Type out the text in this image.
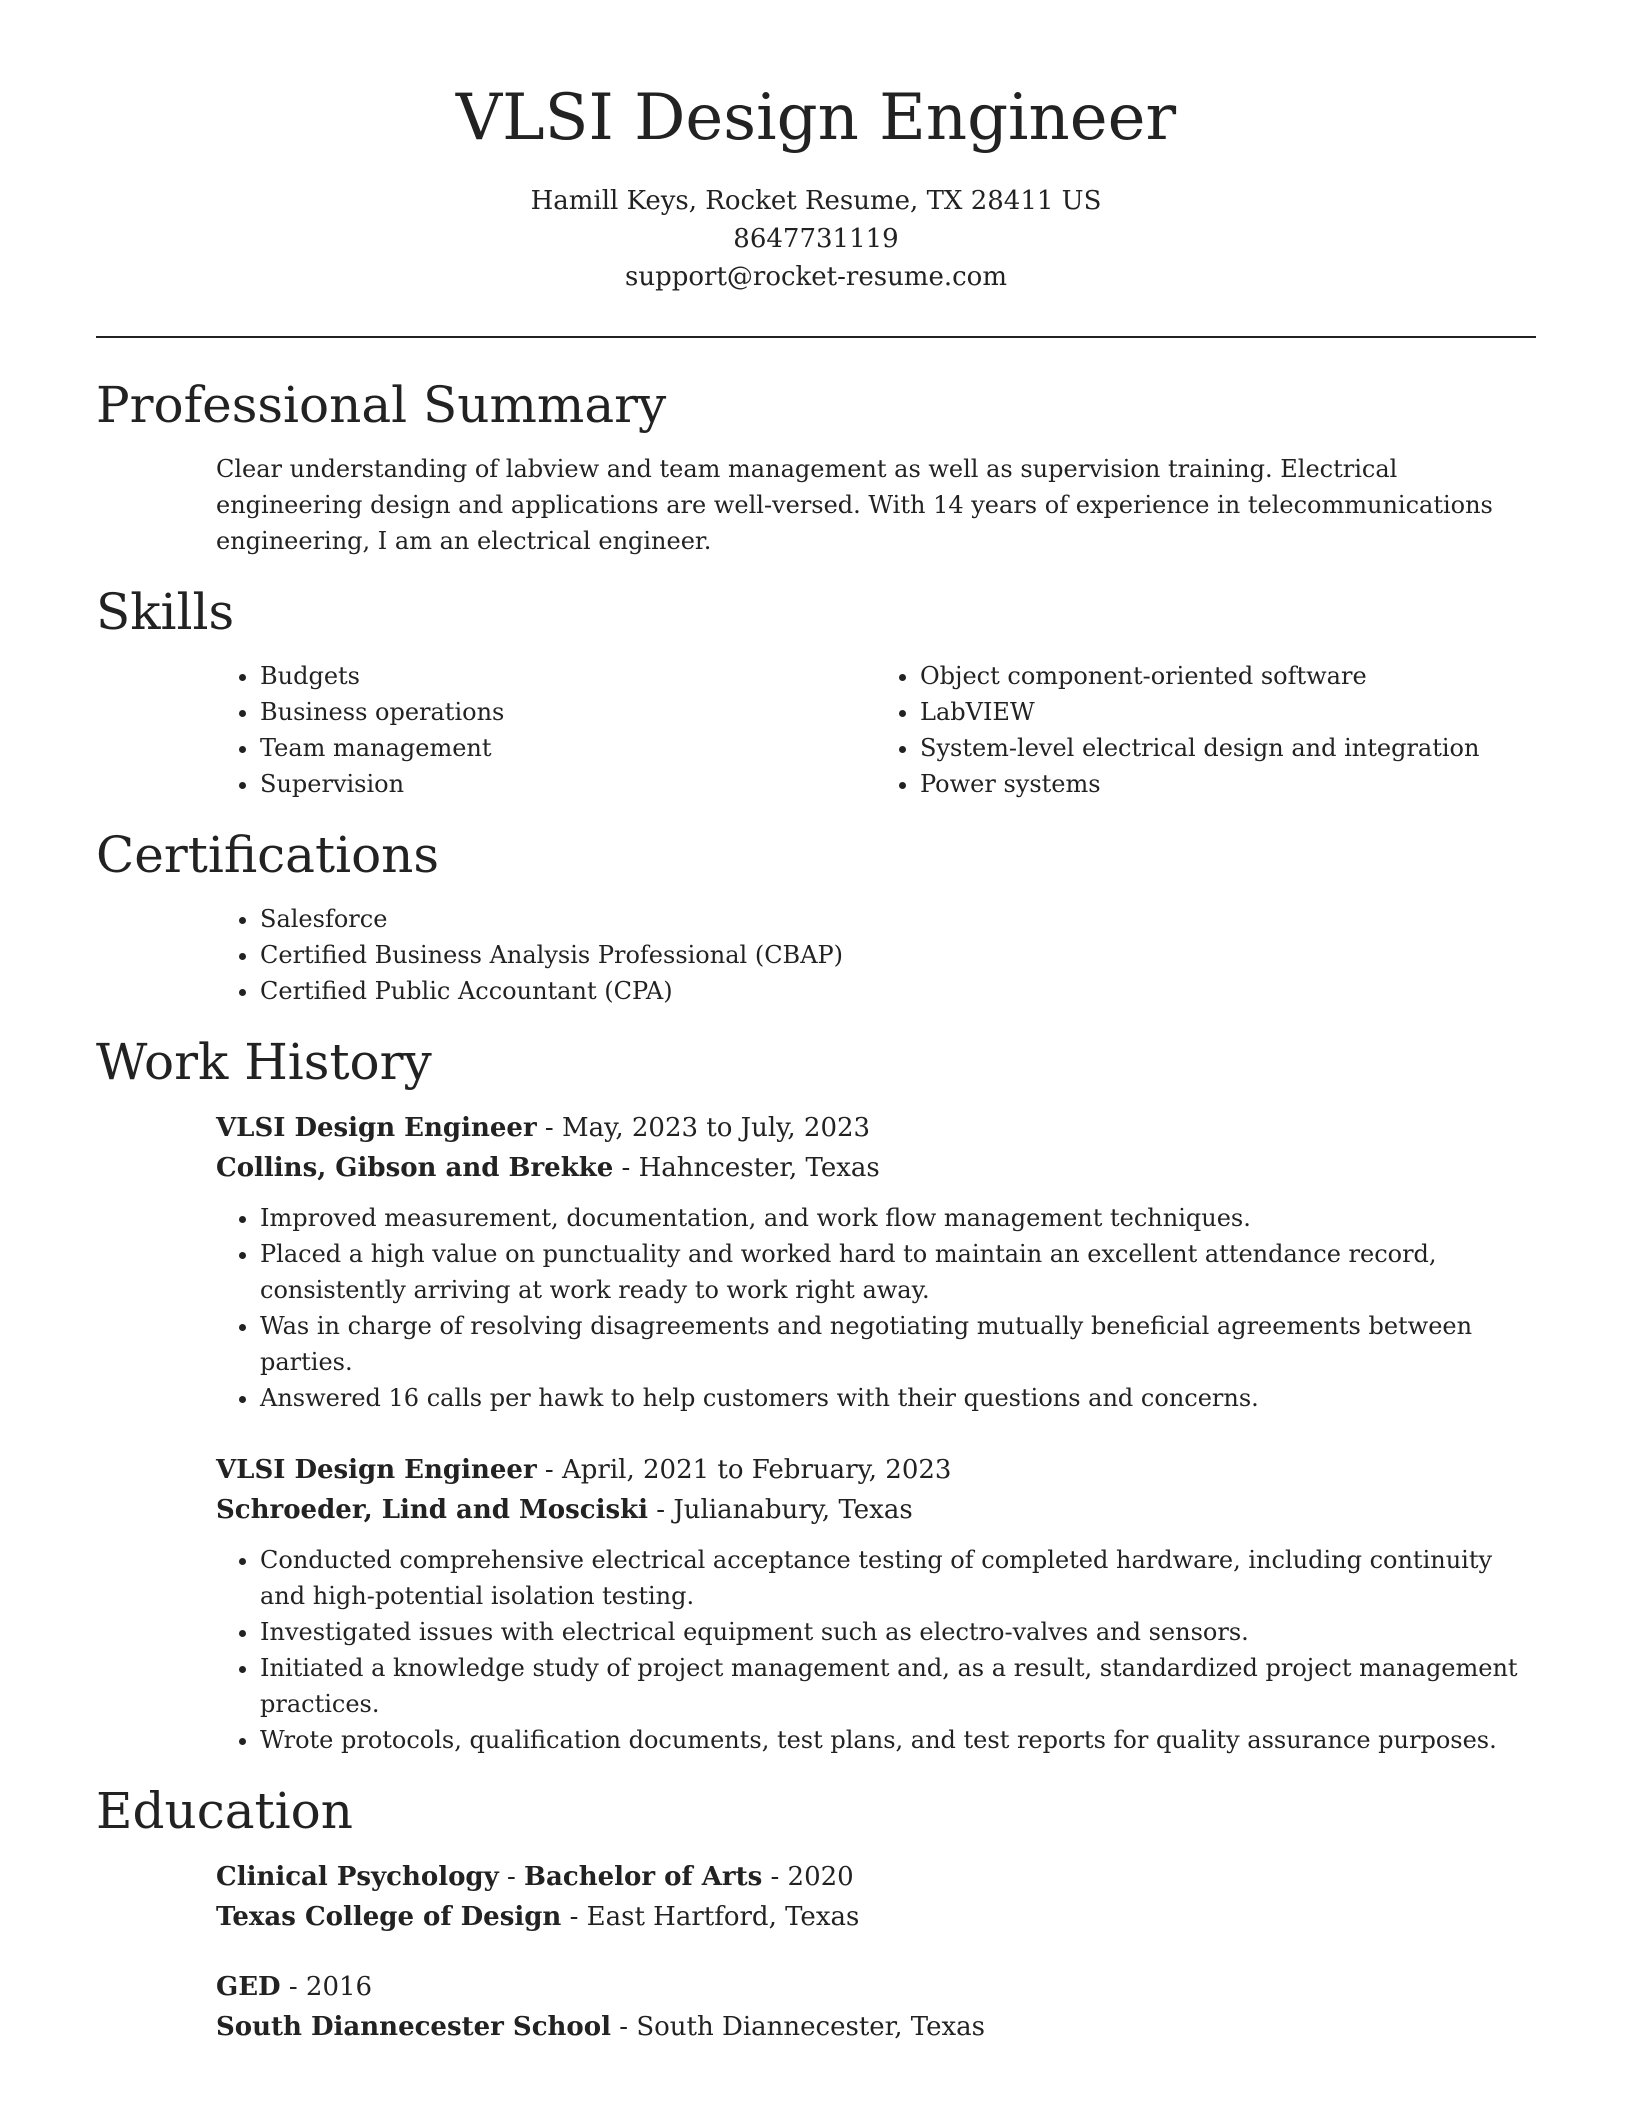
VLSI Design Engineer
Hamill Keys, Rocket Resume, TX 28411 US
8647731119
support@rocket-resume.com
Professional Summary
Clear understanding of labview and team management as well as supervision training. Electrical engineering design and applications are well-versed. With 14 years of experience in telecommunications engineering, I am an electrical engineer.
Skills
• Budgets
• Business operations
• Team management
• Supervision
• Object component-oriented software
• LabVIEW
• System-level electrical design and integration
• Power systems
Certifications
• Salesforce
• Certified Business Analysis Professional (CBAP)
• Certified Public Accountant (CPA)
Work History
VLSI Design Engineer - May, 2023 to July, 2023
Collins, Gibson and Brekke - Hahncester, Texas
• Improved measurement, documentation, and work flow management techniques.
• Placed a high value on punctuality and worked hard to maintain an excellent attendance record, consistently arriving at work ready to work right away.
• Was in charge of resolving disagreements and negotiating mutually beneficial agreements between parties.
• Answered 16 calls per hawk to help customers with their questions and concerns.
VLSI Design Engineer - April, 2021 to February, 2023
Schroeder, Lind and Mosciski - Julianabury, Texas
• Conducted comprehensive electrical acceptance testing of completed hardware, including continuity and high-potential isolation testing.
• Investigated issues with electrical equipment such as electro-valves and sensors.
• Initiated a knowledge study of project management and, as a result, standardized project management practices.
• Wrote protocols, qualification documents, test plans, and test reports for quality assurance purposes.
Education
Clinical Psychology - Bachelor of Arts - 2020
Texas College of Design - East Hartford, Texas
GED - 2016
South Diannecester School - South Diannecester, Texas
